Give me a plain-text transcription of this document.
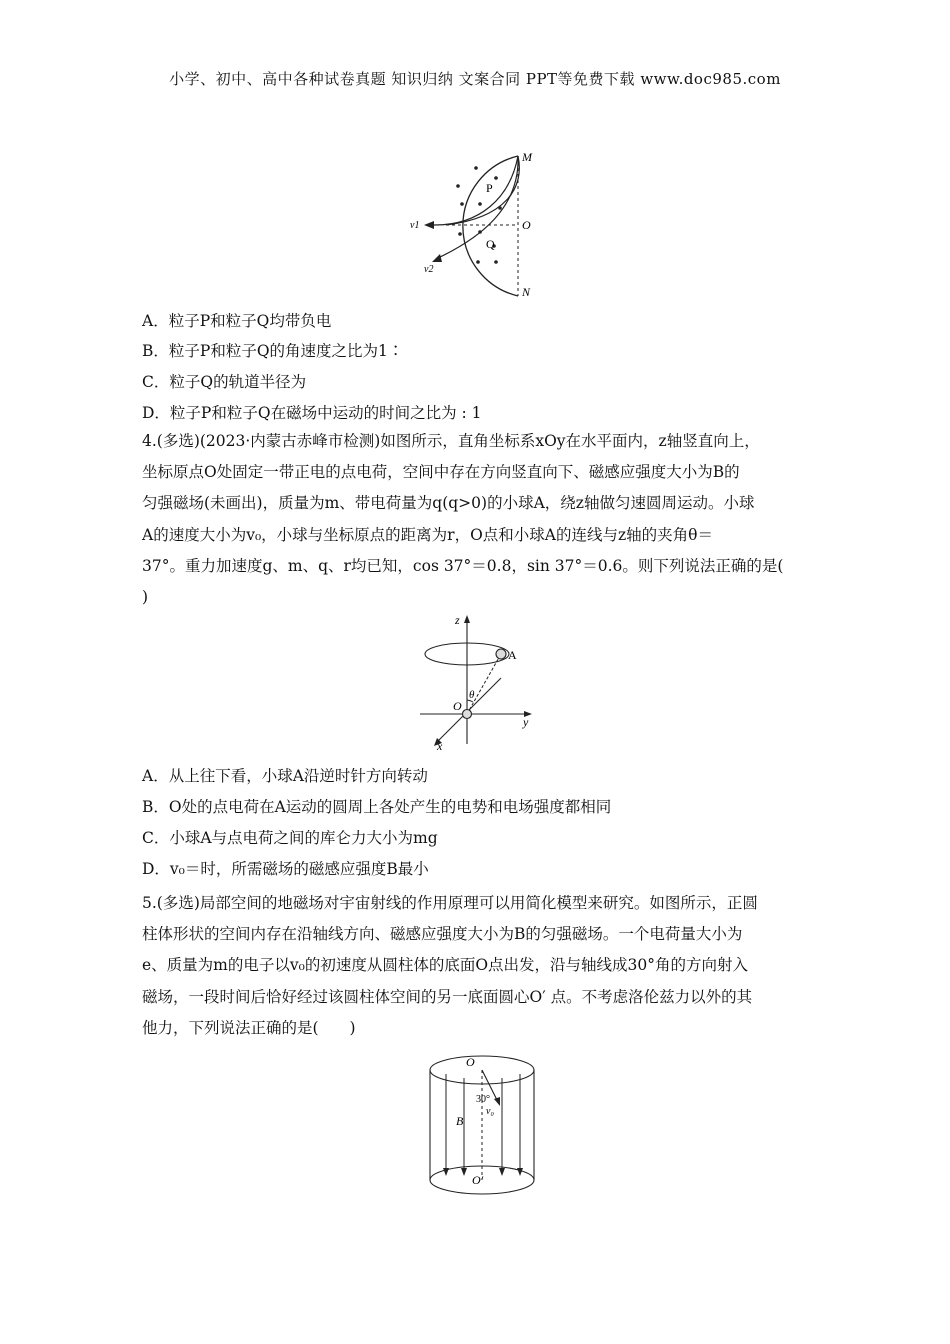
小学、初中、高中各种试卷真题 知识归纳 文案合同 PPT等免费下载 www.doc985.com
M
O
N
P
Q
v1
v2
A．粒子P和粒子Q均带负电
B．粒子P和粒子Q的角速度之比为1∶
C．粒子Q的轨道半径为
D．粒子P和粒子Q在磁场中运动的时间之比为 : 1
4.(多选)(2023·内蒙古赤峰市检测)如图所示，直角坐标系xOy在水平面内，z轴竖直向上，
坐标原点O处固定一带正电的点电荷，空间中存在方向竖直向下、磁感应强度大小为B的
匀强磁场(未画出)，质量为m、带电荷量为q(q>0)的小球A，绕z轴做匀速圆周运动。小球
A的速度大小为v₀，小球与坐标原点的距离为r，O点和小球A的连线与z轴的夹角θ＝
37°。重力加速度g、m、q、r均已知，cos 37°＝0.8，sin 37°＝0.6。则下列说法正确的是(
)
z
A
θ
O
y
x
A．从上往下看，小球A沿逆时针方向转动
B．O处的点电荷在A运动的圆周上各处产生的电势和电场强度都相同
C．小球A与点电荷之间的库仑力大小为mg
D．v₀＝时，所需磁场的磁感应强度B最小
5.(多选)局部空间的地磁场对宇宙射线的作用原理可以用简化模型来研究。如图所示，正圆
柱体形状的空间内存在沿轴线方向、磁感应强度大小为B的匀强磁场。一个电荷量大小为
e、质量为m的电子以v₀的初速度从圆柱体的底面O点出发，沿与轴线成30°角的方向射入
磁场，一段时间后恰好经过该圆柱体空间的另一底面圆心O′ 点。不考虑洛伦兹力以外的其
他力，下列说法正确的是(　　)
O
30°
v₀
B
O′
